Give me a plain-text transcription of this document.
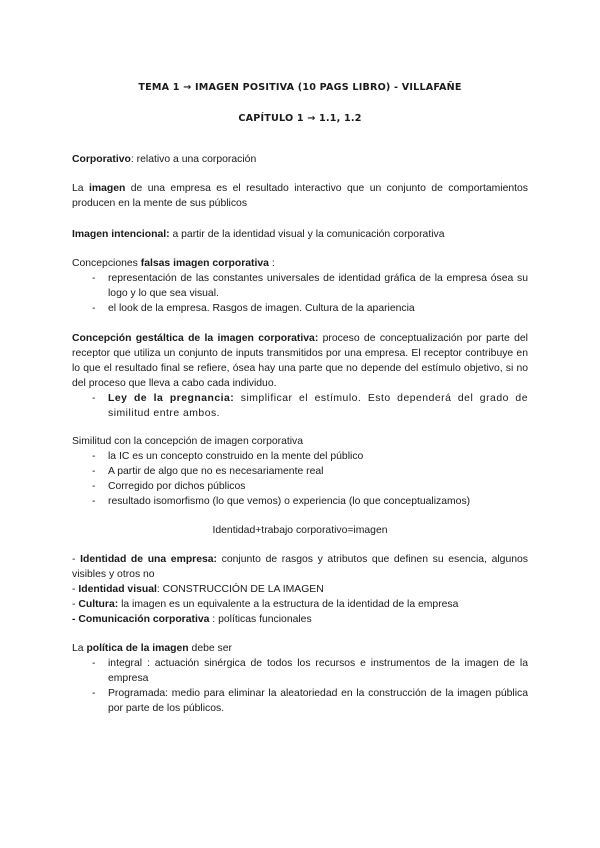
TEMA 1 → IMAGEN POSITIVA (10 PAGS LIBRO) - VILLAFAÑE
CAPÍTULO 1 → 1.1, 1.2
Corporativo: relativo a una corporación
La imagen de una empresa es el resultado interactivo que un conjunto de comportamientos producen en la mente de sus públicos
Imagen intencional: a partir de la identidad visual y la comunicación corporativa
Concepciones falsas imagen corporativa :
- representación de las constantes universales de identidad gráfica de la empresa ósea su logo y lo que sea visual.
- el look de la empresa. Rasgos de imagen. Cultura de la apariencia
Concepción gestáltica de la imagen corporativa: proceso de conceptualización por parte del receptor que utiliza un conjunto de inputs transmitidos por una empresa. El receptor contribuye en lo que el resultado final se refiere, ósea hay una parte que no depende del estímulo objetivo, si no del proceso que lleva a cabo cada individuo.
- Ley de la pregnancia: simplificar el estímulo. Esto dependerá del grado de similitud entre ambos.
Similitud con la concepción de imagen corporativa
- la IC es un concepto construido en la mente del público
- A partir de algo que no es necesariamente real
- Corregido por dichos públicos
- resultado isomorfismo (lo que vemos) o experiencia (lo que conceptualizamos)
Identidad+trabajo corporativo=imagen
- Identidad de una empresa: conjunto de rasgos y atributos que definen su esencia, algunos visibles y otros no
- Identidad visual: CONSTRUCCIÓN DE LA IMAGEN
- Cultura: la imagen es un equivalente a la estructura de la identidad de la empresa
- Comunicación corporativa : políticas funcionales
La política de la imagen debe ser
- integral : actuación sinérgica de todos los recursos e instrumentos de la imagen de la empresa
- Programada: medio para eliminar la aleatoriedad en la construcción de la imagen pública por parte de los públicos.
